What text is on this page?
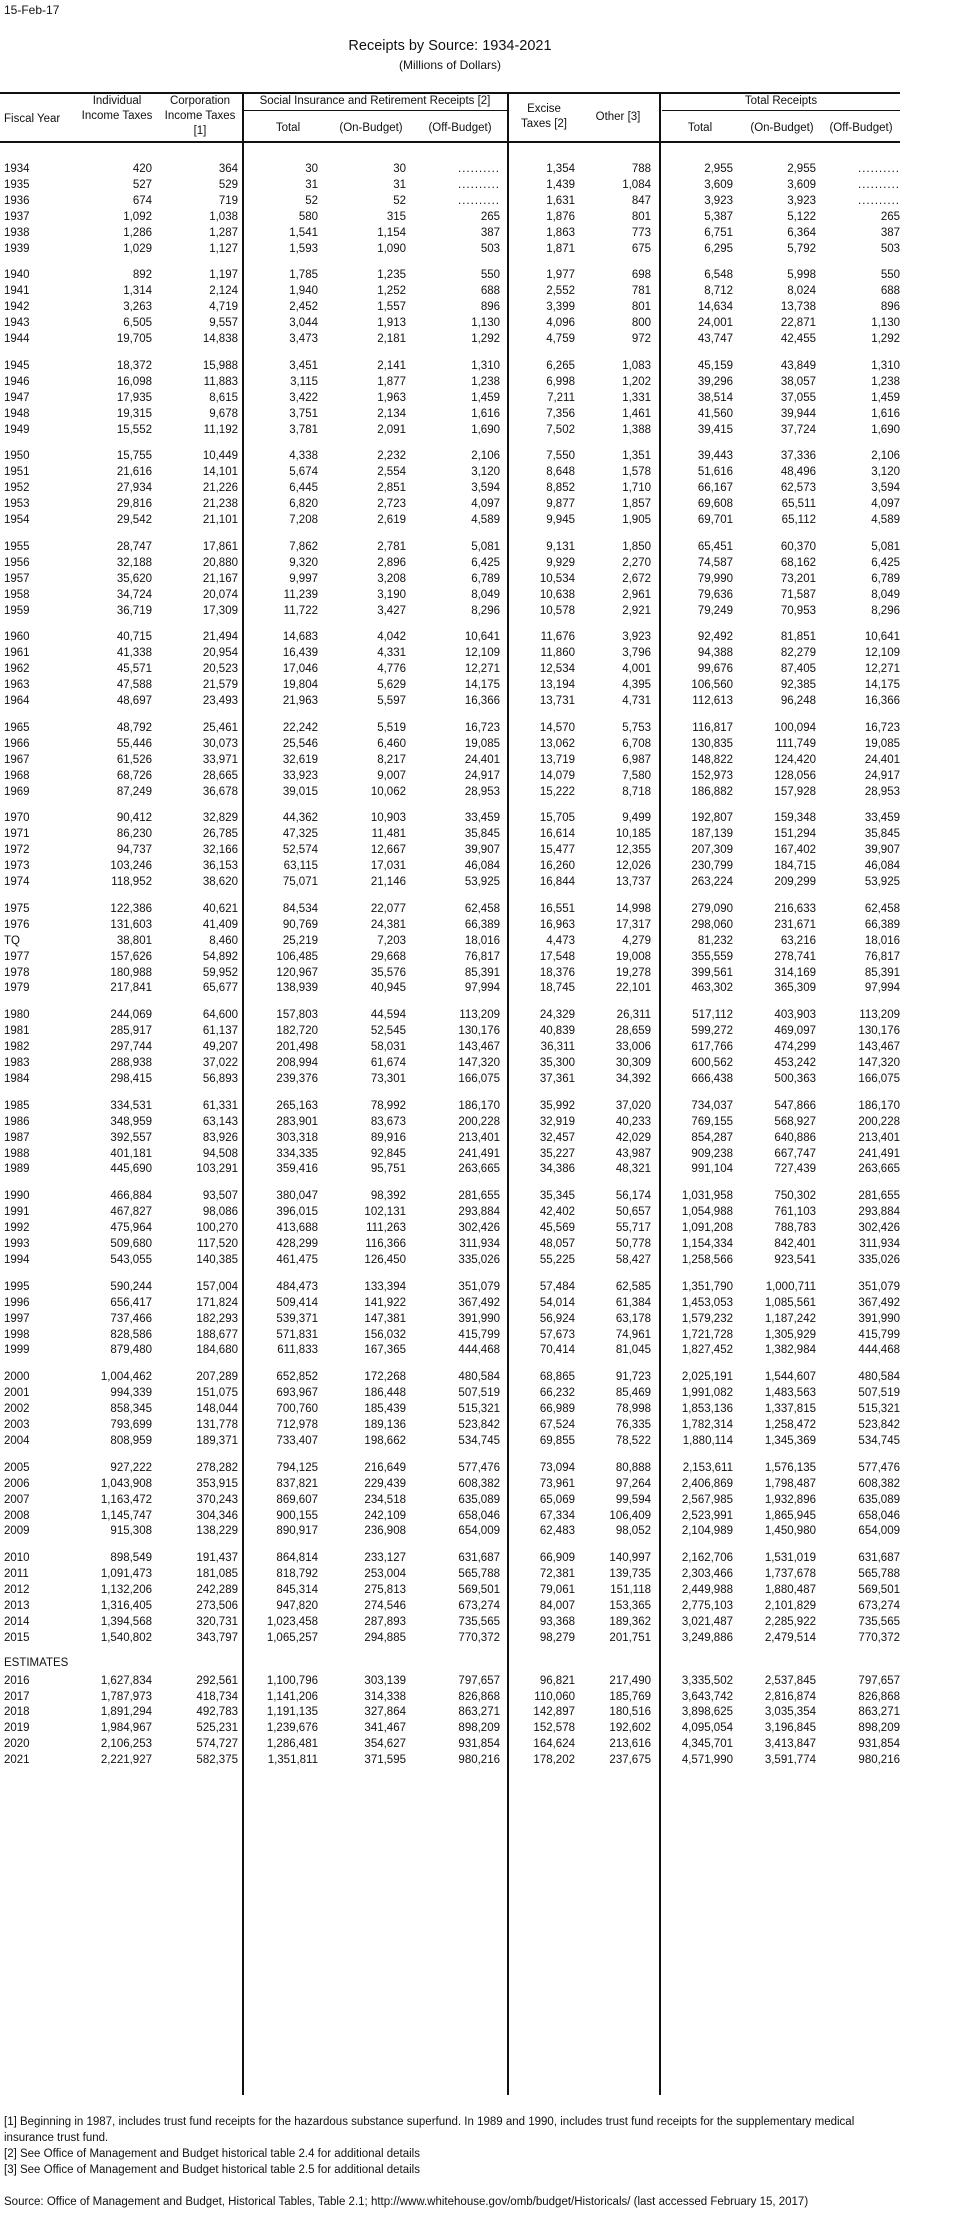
15-Feb-17
Receipts by Source: 1934-2021
(Millions of Dollars)
Fiscal Year
Individual Income Taxes
Corporation Income Taxes [1]
Social Insurance and Retirement Receipts [2]
Total	(On-Budget)	(Off-Budget)
Excise Taxes [2]
Other [3]
Total Receipts
Total	(On-Budget)	(Off-Budget)
1934	420	364	30	30	..........	1,354	788	2,955	2,955	..........
1935	527	529	31	31	..........	1,439	1,084	3,609	3,609	..........
1936	674	719	52	52	..........	1,631	847	3,923	3,923	..........
1937	1,092	1,038	580	315	265	1,876	801	5,387	5,122	265
1938	1,286	1,287	1,541	1,154	387	1,863	773	6,751	6,364	387
1939	1,029	1,127	1,593	1,090	503	1,871	675	6,295	5,792	503
1940	892	1,197	1,785	1,235	550	1,977	698	6,548	5,998	550
1941	1,314	2,124	1,940	1,252	688	2,552	781	8,712	8,024	688
1942	3,263	4,719	2,452	1,557	896	3,399	801	14,634	13,738	896
1943	6,505	9,557	3,044	1,913	1,130	4,096	800	24,001	22,871	1,130
1944	19,705	14,838	3,473	2,181	1,292	4,759	972	43,747	42,455	1,292
1945	18,372	15,988	3,451	2,141	1,310	6,265	1,083	45,159	43,849	1,310
1946	16,098	11,883	3,115	1,877	1,238	6,998	1,202	39,296	38,057	1,238
1947	17,935	8,615	3,422	1,963	1,459	7,211	1,331	38,514	37,055	1,459
1948	19,315	9,678	3,751	2,134	1,616	7,356	1,461	41,560	39,944	1,616
1949	15,552	11,192	3,781	2,091	1,690	7,502	1,388	39,415	37,724	1,690
1950	15,755	10,449	4,338	2,232	2,106	7,550	1,351	39,443	37,336	2,106
1951	21,616	14,101	5,674	2,554	3,120	8,648	1,578	51,616	48,496	3,120
1952	27,934	21,226	6,445	2,851	3,594	8,852	1,710	66,167	62,573	3,594
1953	29,816	21,238	6,820	2,723	4,097	9,877	1,857	69,608	65,511	4,097
1954	29,542	21,101	7,208	2,619	4,589	9,945	1,905	69,701	65,112	4,589
1955	28,747	17,861	7,862	2,781	5,081	9,131	1,850	65,451	60,370	5,081
1956	32,188	20,880	9,320	2,896	6,425	9,929	2,270	74,587	68,162	6,425
1957	35,620	21,167	9,997	3,208	6,789	10,534	2,672	79,990	73,201	6,789
1958	34,724	20,074	11,239	3,190	8,049	10,638	2,961	79,636	71,587	8,049
1959	36,719	17,309	11,722	3,427	8,296	10,578	2,921	79,249	70,953	8,296
1960	40,715	21,494	14,683	4,042	10,641	11,676	3,923	92,492	81,851	10,641
1961	41,338	20,954	16,439	4,331	12,109	11,860	3,796	94,388	82,279	12,109
1962	45,571	20,523	17,046	4,776	12,271	12,534	4,001	99,676	87,405	12,271
1963	47,588	21,579	19,804	5,629	14,175	13,194	4,395	106,560	92,385	14,175
1964	48,697	23,493	21,963	5,597	16,366	13,731	4,731	112,613	96,248	16,366
1965	48,792	25,461	22,242	5,519	16,723	14,570	5,753	116,817	100,094	16,723
1966	55,446	30,073	25,546	6,460	19,085	13,062	6,708	130,835	111,749	19,085
1967	61,526	33,971	32,619	8,217	24,401	13,719	6,987	148,822	124,420	24,401
1968	68,726	28,665	33,923	9,007	24,917	14,079	7,580	152,973	128,056	24,917
1969	87,249	36,678	39,015	10,062	28,953	15,222	8,718	186,882	157,928	28,953
1970	90,412	32,829	44,362	10,903	33,459	15,705	9,499	192,807	159,348	33,459
1971	86,230	26,785	47,325	11,481	35,845	16,614	10,185	187,139	151,294	35,845
1972	94,737	32,166	52,574	12,667	39,907	15,477	12,355	207,309	167,402	39,907
1973	103,246	36,153	63,115	17,031	46,084	16,260	12,026	230,799	184,715	46,084
1974	118,952	38,620	75,071	21,146	53,925	16,844	13,737	263,224	209,299	53,925
1975	122,386	40,621	84,534	22,077	62,458	16,551	14,998	279,090	216,633	62,458
1976	131,603	41,409	90,769	24,381	66,389	16,963	17,317	298,060	231,671	66,389
TQ	38,801	8,460	25,219	7,203	18,016	4,473	4,279	81,232	63,216	18,016
1977	157,626	54,892	106,485	29,668	76,817	17,548	19,008	355,559	278,741	76,817
1978	180,988	59,952	120,967	35,576	85,391	18,376	19,278	399,561	314,169	85,391
1979	217,841	65,677	138,939	40,945	97,994	18,745	22,101	463,302	365,309	97,994
1980	244,069	64,600	157,803	44,594	113,209	24,329	26,311	517,112	403,903	113,209
1981	285,917	61,137	182,720	52,545	130,176	40,839	28,659	599,272	469,097	130,176
1982	297,744	49,207	201,498	58,031	143,467	36,311	33,006	617,766	474,299	143,467
1983	288,938	37,022	208,994	61,674	147,320	35,300	30,309	600,562	453,242	147,320
1984	298,415	56,893	239,376	73,301	166,075	37,361	34,392	666,438	500,363	166,075
1985	334,531	61,331	265,163	78,992	186,170	35,992	37,020	734,037	547,866	186,170
1986	348,959	63,143	283,901	83,673	200,228	32,919	40,233	769,155	568,927	200,228
1987	392,557	83,926	303,318	89,916	213,401	32,457	42,029	854,287	640,886	213,401
1988	401,181	94,508	334,335	92,845	241,491	35,227	43,987	909,238	667,747	241,491
1989	445,690	103,291	359,416	95,751	263,665	34,386	48,321	991,104	727,439	263,665
1990	466,884	93,507	380,047	98,392	281,655	35,345	56,174	1,031,958	750,302	281,655
1991	467,827	98,086	396,015	102,131	293,884	42,402	50,657	1,054,988	761,103	293,884
1992	475,964	100,270	413,688	111,263	302,426	45,569	55,717	1,091,208	788,783	302,426
1993	509,680	117,520	428,299	116,366	311,934	48,057	50,778	1,154,334	842,401	311,934
1994	543,055	140,385	461,475	126,450	335,026	55,225	58,427	1,258,566	923,541	335,026
1995	590,244	157,004	484,473	133,394	351,079	57,484	62,585	1,351,790	1,000,711	351,079
1996	656,417	171,824	509,414	141,922	367,492	54,014	61,384	1,453,053	1,085,561	367,492
1997	737,466	182,293	539,371	147,381	391,990	56,924	63,178	1,579,232	1,187,242	391,990
1998	828,586	188,677	571,831	156,032	415,799	57,673	74,961	1,721,728	1,305,929	415,799
1999	879,480	184,680	611,833	167,365	444,468	70,414	81,045	1,827,452	1,382,984	444,468
2000	1,004,462	207,289	652,852	172,268	480,584	68,865	91,723	2,025,191	1,544,607	480,584
2001	994,339	151,075	693,967	186,448	507,519	66,232	85,469	1,991,082	1,483,563	507,519
2002	858,345	148,044	700,760	185,439	515,321	66,989	78,998	1,853,136	1,337,815	515,321
2003	793,699	131,778	712,978	189,136	523,842	67,524	76,335	1,782,314	1,258,472	523,842
2004	808,959	189,371	733,407	198,662	534,745	69,855	78,522	1,880,114	1,345,369	534,745
2005	927,222	278,282	794,125	216,649	577,476	73,094	80,888	2,153,611	1,576,135	577,476
2006	1,043,908	353,915	837,821	229,439	608,382	73,961	97,264	2,406,869	1,798,487	608,382
2007	1,163,472	370,243	869,607	234,518	635,089	65,069	99,594	2,567,985	1,932,896	635,089
2008	1,145,747	304,346	900,155	242,109	658,046	67,334	106,409	2,523,991	1,865,945	658,046
2009	915,308	138,229	890,917	236,908	654,009	62,483	98,052	2,104,989	1,450,980	654,009
2010	898,549	191,437	864,814	233,127	631,687	66,909	140,997	2,162,706	1,531,019	631,687
2011	1,091,473	181,085	818,792	253,004	565,788	72,381	139,735	2,303,466	1,737,678	565,788
2012	1,132,206	242,289	845,314	275,813	569,501	79,061	151,118	2,449,988	1,880,487	569,501
2013	1,316,405	273,506	947,820	274,546	673,274	84,007	153,365	2,775,103	2,101,829	673,274
2014	1,394,568	320,731	1,023,458	287,893	735,565	93,368	189,362	3,021,487	2,285,922	735,565
2015	1,540,802	343,797	1,065,257	294,885	770,372	98,279	201,751	3,249,886	2,479,514	770,372
2016	1,627,834	292,561	1,100,796	303,139	797,657	96,821	217,490	3,335,502	2,537,845	797,657
2017	1,787,973	418,734	1,141,206	314,338	826,868	110,060	185,769	3,643,742	2,816,874	826,868
2018	1,891,294	492,783	1,191,135	327,864	863,271	142,897	180,516	3,898,625	3,035,354	863,271
2019	1,984,967	525,231	1,239,676	341,467	898,209	152,578	192,602	4,095,054	3,196,845	898,209
2020	2,106,253	574,727	1,286,481	354,627	931,854	164,624	213,616	4,345,701	3,413,847	931,854
2021	2,221,927	582,375	1,351,811	371,595	980,216	178,202	237,675	4,571,990	3,591,774	980,216
ESTIMATES
[1] Beginning in 1987, includes trust fund receipts for the hazardous substance superfund. In 1989 and 1990, includes trust fund receipts for the supplementary medical insurance trust fund.
[2] See Office of Management and Budget historical table 2.4 for additional details
[3] See Office of Management and Budget historical table 2.5 for additional details
Source: Office of Management and Budget, Historical Tables, Table 2.1; http://www.whitehouse.gov/omb/budget/Historicals/ (last accessed February 15, 2017)
